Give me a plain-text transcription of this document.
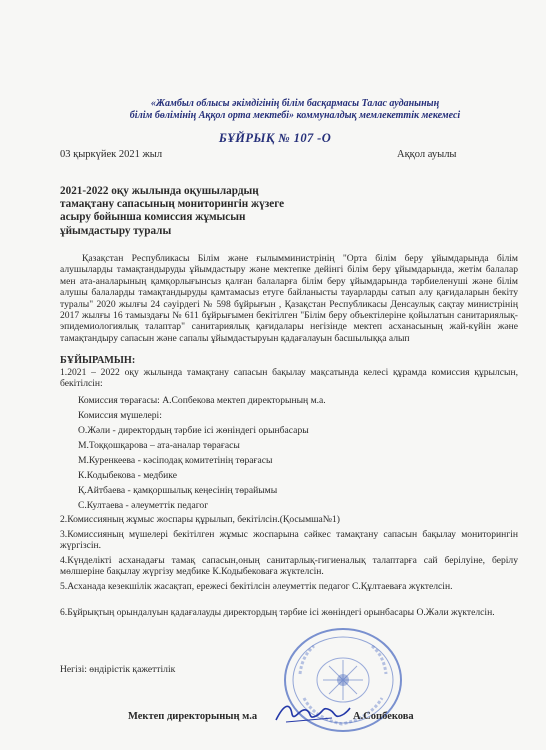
«Жамбыл облысы әкімдігінің білім басқармасы Талас ауданының
білім бөлімінің Аққол орта мектебі» коммуналдық мемлекеттік мекемесі
БҰЙРЫҚ № 107 -О
03 қыркүйек 2021 жыл	Аққол ауылы
2021-2022 оқу жылында оқушылардың
тамақтану сапасының мониторингін жүзеге
асыру бойынша комиссия жұмысын
ұйымдастыру туралы
Қазақстан Республикасы Білім және ғылымминистрінің "Орта білім беру ұйымдарында білім алушыларды тамақтандыруды ұйымдастыру және мектепке дейінгі білім беру ұйымдарында, жетім балалар мен ата-аналарының қамқорлығынсыз қалған балаларға білім беру ұйымдарында тәрбиеленуші және білім алушы балаларды тамақтандыруды қамтамасыз етуге байланысты тауарларды сатып алу қағидаларын бекіту туралы" 2020 жылғы 24 сәуірдегі № 598 бұйрығын , Қазақстан Республикасы Денсаулық сақтау министрінің 2017 жылғы 16 тамыздағы № 611 бұйрығымен бекітілген "Білім беру объектілеріне қойылатын санитариялық-эпидемиологиялық талаптар" санитариялық қағидалары негізінде мектеп асханасының жай-күйін және тамақтандыру сапасын және сапалы ұйымдастыруын қадағалауын басшылыққа алып
БҰЙЫРАМЫН:
1.2021 – 2022 оқу жылында тамақтану сапасын бақылау мақсатында келесі құрамда комиссия құрылсын, бекітілсін:
Комиссия төрағасы: А.Сопбекова мектеп директорының м.а.
Комиссия мүшелері:
О.Жәли - директордың тәрбие ісі жөніндегі орынбасары
М.Тоққошқарова – ата-аналар төрағасы
М.Куренкеева - кәсіподақ комитетінің төрағасы
К.Кодыбекова - медбике
Қ.Айтбаева - қамқоршылық кеңесінің төрайымы
С.Култаева - әлеуметтік педагог
2.Комиссияның жұмыс жоспары құрылып, бекітілсін.(Қосымша№1)
3.Комиссияның мүшелері бекітілген жұмыс жоспарына сәйкес тамақтану сапасын бақылау мониторингін жүргізсін.
4.Күнделікті асханадағы тамақ сапасын,оның санитарлық-гигиеналық талаптарға сай берілуіне, берілу мөлшеріне бақылау жүргізу медбике К.Кодыбековаға жүктелсін.
5.Асханада кезекшілік жасақтап, ережесі бекітілсін әлеуметтік педагог С.Құлтаеваға жүктелсін.
6.Бұйрықтың орындалуын қадағалауды директордың тәрбие ісі жөніндегі орынбасары О.Жәли жүктелсін.
Негізі: өндірістік қажеттілік
Мектеп директорының м.а	А.Сопбекова
